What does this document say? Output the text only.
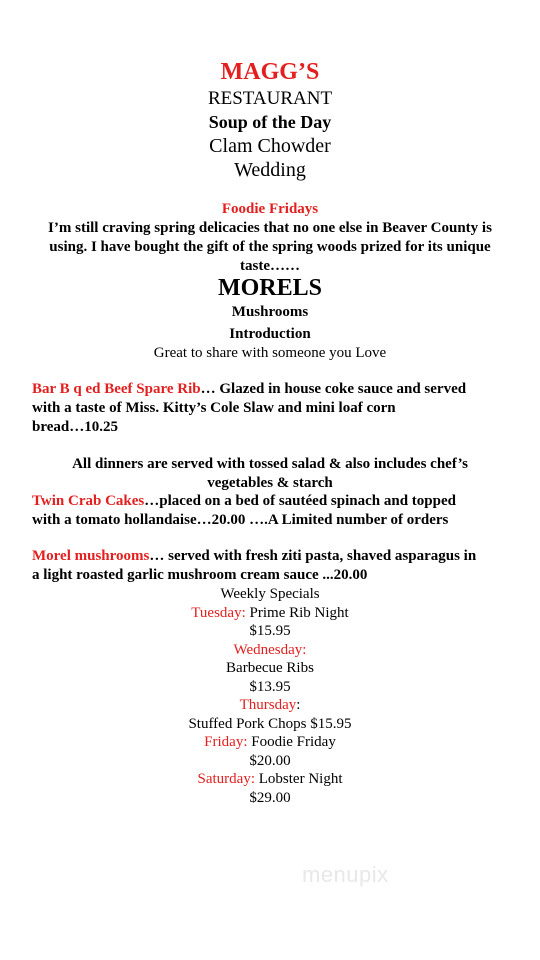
MAGG’S
RESTAURANT
Soup of the Day
Clam Chowder
Wedding
Foodie Fridays
I’m still craving spring delicacies that no one else in Beaver County is
using. I have bought the gift of the spring woods prized for its unique
taste……
MORELS
Mushrooms
Introduction
Great to share with someone you Love
Bar B q ed Beef Spare Rib… Glazed in house coke sauce and served
with a taste of Miss. Kitty’s Cole Slaw and mini loaf corn
bread…10.25
All dinners are served with tossed salad & also includes chef’s
vegetables & starch
Twin Crab Cakes…placed on a bed of sautéed spinach and topped
with a tomato hollandaise…20.00 ….A Limited number of orders
Morel mushrooms… served with fresh ziti pasta, shaved asparagus in
a light roasted garlic mushroom cream sauce ...20.00
Weekly Specials
Tuesday: Prime Rib Night
$15.95
Wednesday:
Barbecue Ribs
$13.95
Thursday:
Stuffed Pork Chops $15.95
Friday: Foodie Friday
$20.00
Saturday: Lobster Night
$29.00
menupix
